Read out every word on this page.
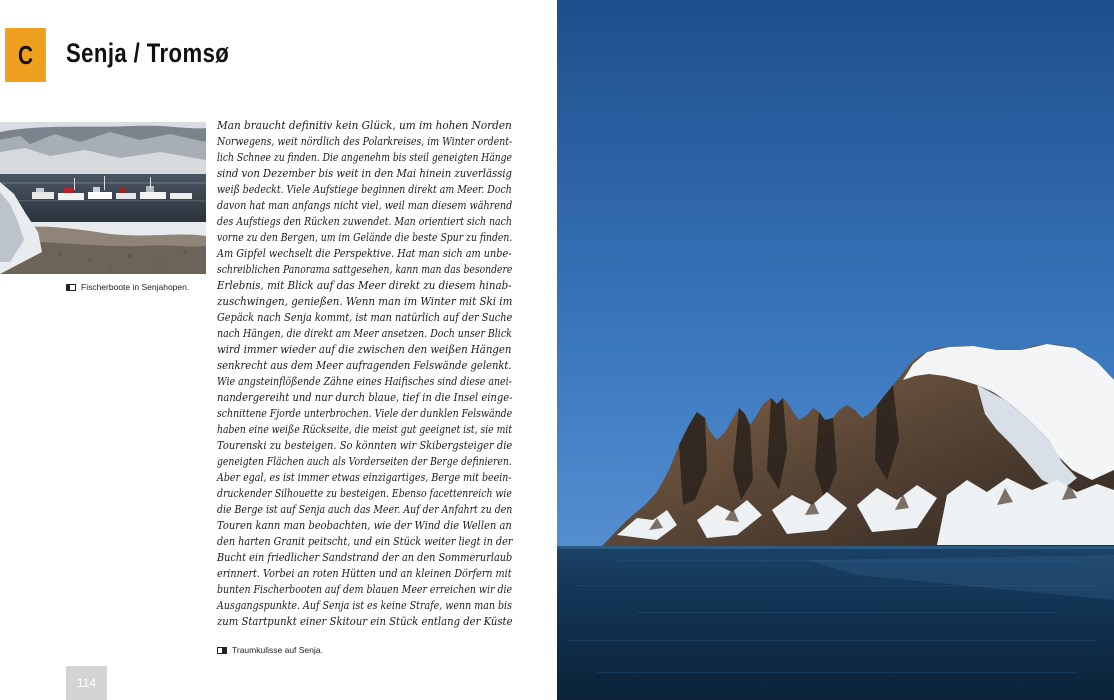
C	Senja / Tromsø
Fischerboote in Senjahopen.
Man braucht definitiv kein Glück, um im hohen Norden
Norwegens, weit nördlich des Polarkreises, im Winter ordent-
lich Schnee zu finden. Die angenehm bis steil geneigten Hänge
sind von Dezember bis weit in den Mai hinein zuverlässig
weiß bedeckt. Viele Aufstiege beginnen direkt am Meer. Doch
davon hat man anfangs nicht viel, weil man diesem während
des Aufstiegs den Rücken zuwendet. Man orientiert sich nach
vorne zu den Bergen, um im Gelände die beste Spur zu finden.
Am Gipfel wechselt die Perspektive. Hat man sich am unbe-
schreiblichen Panorama sattgesehen, kann man das besondere
Erlebnis, mit Blick auf das Meer direkt zu diesem hinab-
zuschwingen, genießen. Wenn man im Winter mit Ski im
Gepäck nach Senja kommt, ist man natürlich auf der Suche
nach Hängen, die direkt am Meer ansetzen. Doch unser Blick
wird immer wieder auf die zwischen den weißen Hängen
senkrecht aus dem Meer aufragenden Felswände gelenkt.
Wie angsteinflößende Zähne eines Haifisches sind diese anei-
nandergereiht und nur durch blaue, tief in die Insel einge-
schnittene Fjorde unterbrochen. Viele der dunklen Felswände
haben eine weiße Rückseite, die meist gut geeignet ist, sie mit
Tourenski zu besteigen. So könnten wir Skibergsteiger die
geneigten Flächen auch als Vorderseiten der Berge definieren.
Aber egal, es ist immer etwas einzigartiges, Berge mit beein-
druckender Silhouette zu besteigen. Ebenso facettenreich wie
die Berge ist auf Senja auch das Meer. Auf der Anfahrt zu den
Touren kann man beobachten, wie der Wind die Wellen an
den harten Granit peitscht, und ein Stück weiter liegt in der
Bucht ein friedlicher Sandstrand der an den Sommerurlaub
erinnert. Vorbei an roten Hütten und an kleinen Dörfern mit
bunten Fischerbooten auf dem blauen Meer erreichen wir die
Ausgangspunkte. Auf Senja ist es keine Strafe, wenn man bis
zum Startpunkt einer Skitour ein Stück entlang der Küste
Traumkulisse auf Senja.
114
